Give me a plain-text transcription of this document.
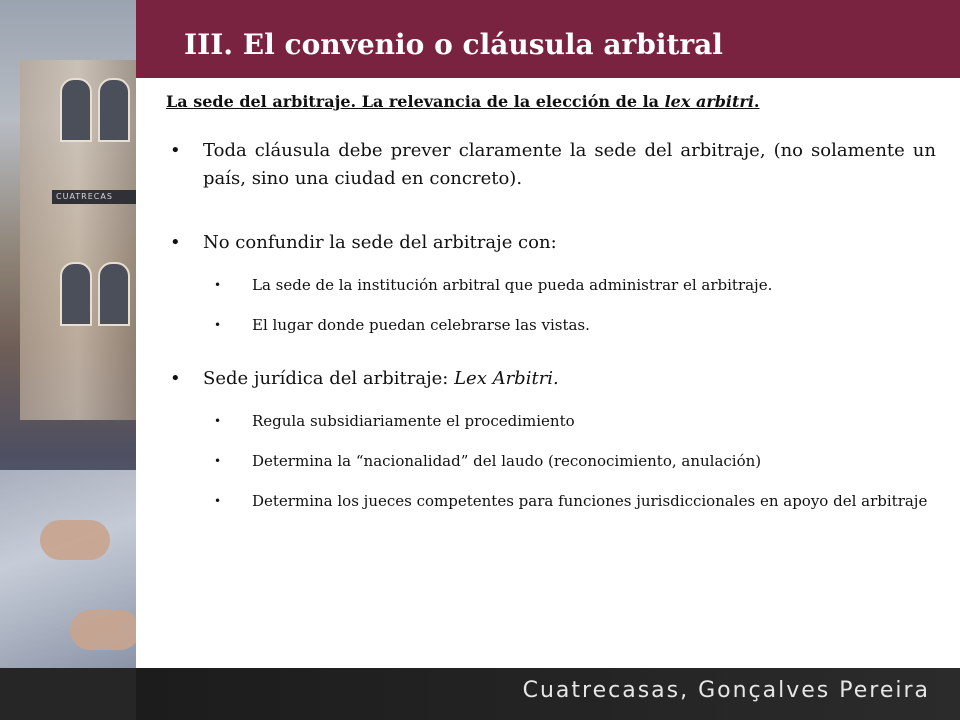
CUATRECAS
III. El convenio o cláusula arbitral
La sede del arbitraje. La relevancia de la elección de la lex arbitri.
• Toda cláusula debe prever claramente la sede del arbitraje, (no solamente un país, sino una ciudad en concreto).
• No confundir la sede del arbitraje con:
• La sede de la institución arbitral que pueda administrar el arbitraje.
• El lugar donde puedan celebrarse las vistas.
• Sede jurídica del arbitraje: Lex Arbitri.
• Regula subsidiariamente el procedimiento
• Determina la “nacionalidad” del laudo (reconocimiento, anulación)
• Determina los jueces competentes para funciones jurisdiccionales en apoyo del arbitraje
Cuatrecasas, Gonçalves Pereira
